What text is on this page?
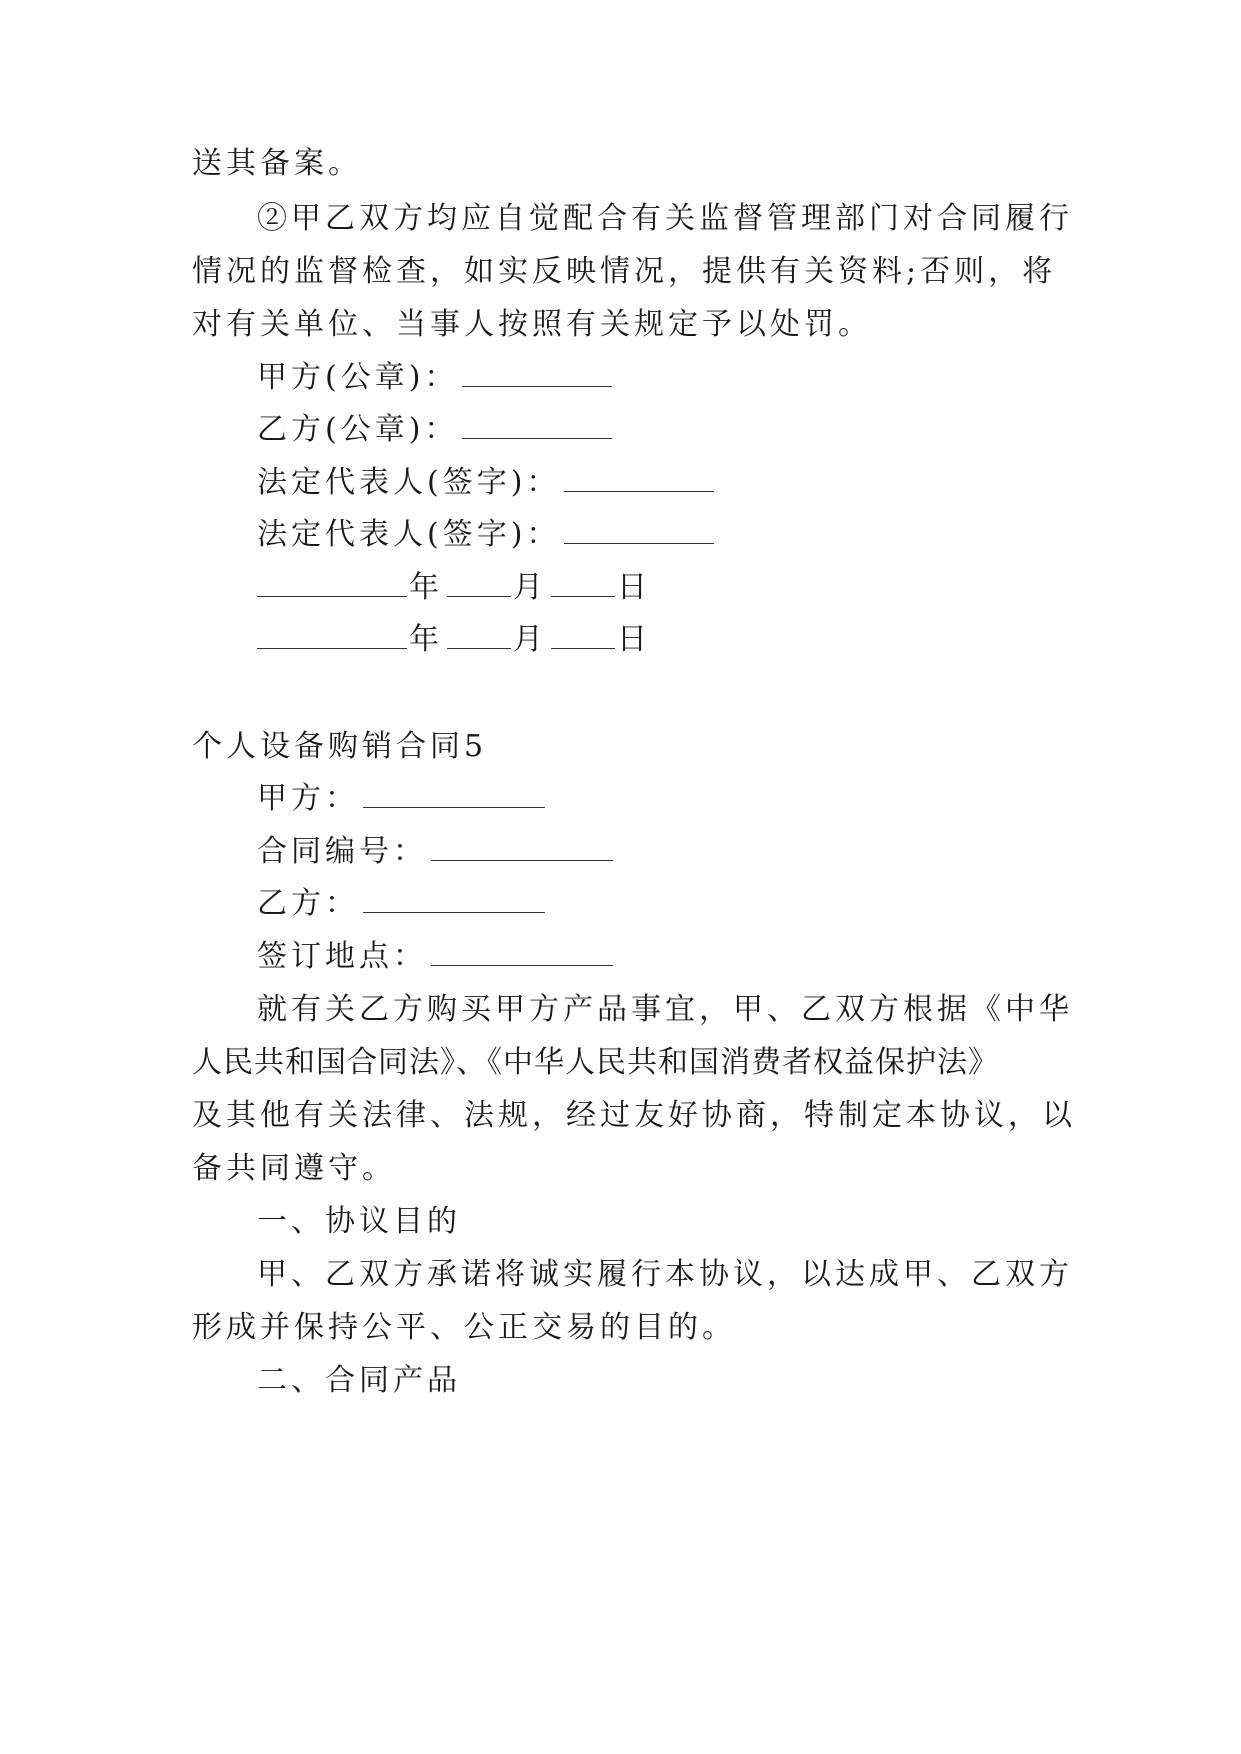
送其备案。
②甲乙双方均应自觉配合有关监督管理部门对合同履行
情况的监督检查，如实反映情况，提供有关资料;否则，将
对有关单位、当事人按照有关规定予以处罚。
甲方(公章)：
乙方(公章)：
法定代表人(签字)：
法定代表人(签字)：
年 月 日
年 月 日
个人设备购销合同5
甲方：
合同编号：
乙方：
签订地点：
就有关乙方购买甲方产品事宜，甲、乙双方根据《中华
人民共和国合同法》、《中华人民共和国消费者权益保护法》
及其他有关法律、法规，经过友好协商，特制定本协议，以
备共同遵守。
一、协议目的
甲、乙双方承诺将诚实履行本协议，以达成甲、乙双方
形成并保持公平、公正交易的目的。
二、合同产品
